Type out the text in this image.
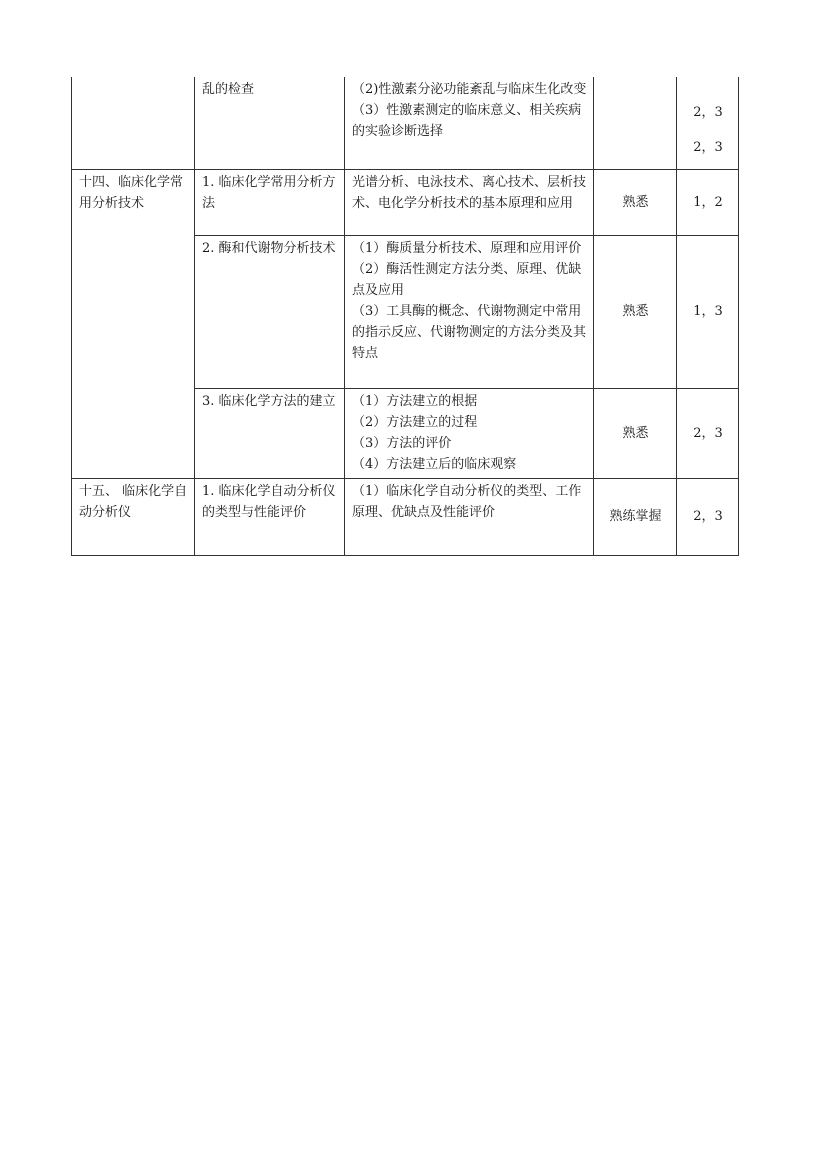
	乱的检查	（2)性激素分泌功能紊乱与临床生化改变
（3）性激素测定的临床意义、相关疾病的实验诊断选择		2，3
2，3

十四、临床化学常用分析技术	1. 临床化学常用分析方法	光谱分析、电泳技术、离心技术、层析技术、电化学分析技术的基本原理和应用	熟悉	1，2
	2. 酶和代谢物分析技术	（1）酶质量分析技术、原理和应用评价
（2）酶活性测定方法分类、原理、优缺点及应用
（3）工具酶的概念、代谢物测定中常用的指示反应、代谢物测定的方法分类及其特点	熟悉	1，3
	3. 临床化学方法的建立	（1）方法建立的根据
（2）方法建立的过程
（3）方法的评价
（4）方法建立后的临床观察	熟悉	2，3
十五、 临床化学自动分析仪	1. 临床化学自动分析仪的类型与性能评价	（1）临床化学自动分析仪的类型、工作原理、优缺点及性能评价	熟练掌握	2，3
